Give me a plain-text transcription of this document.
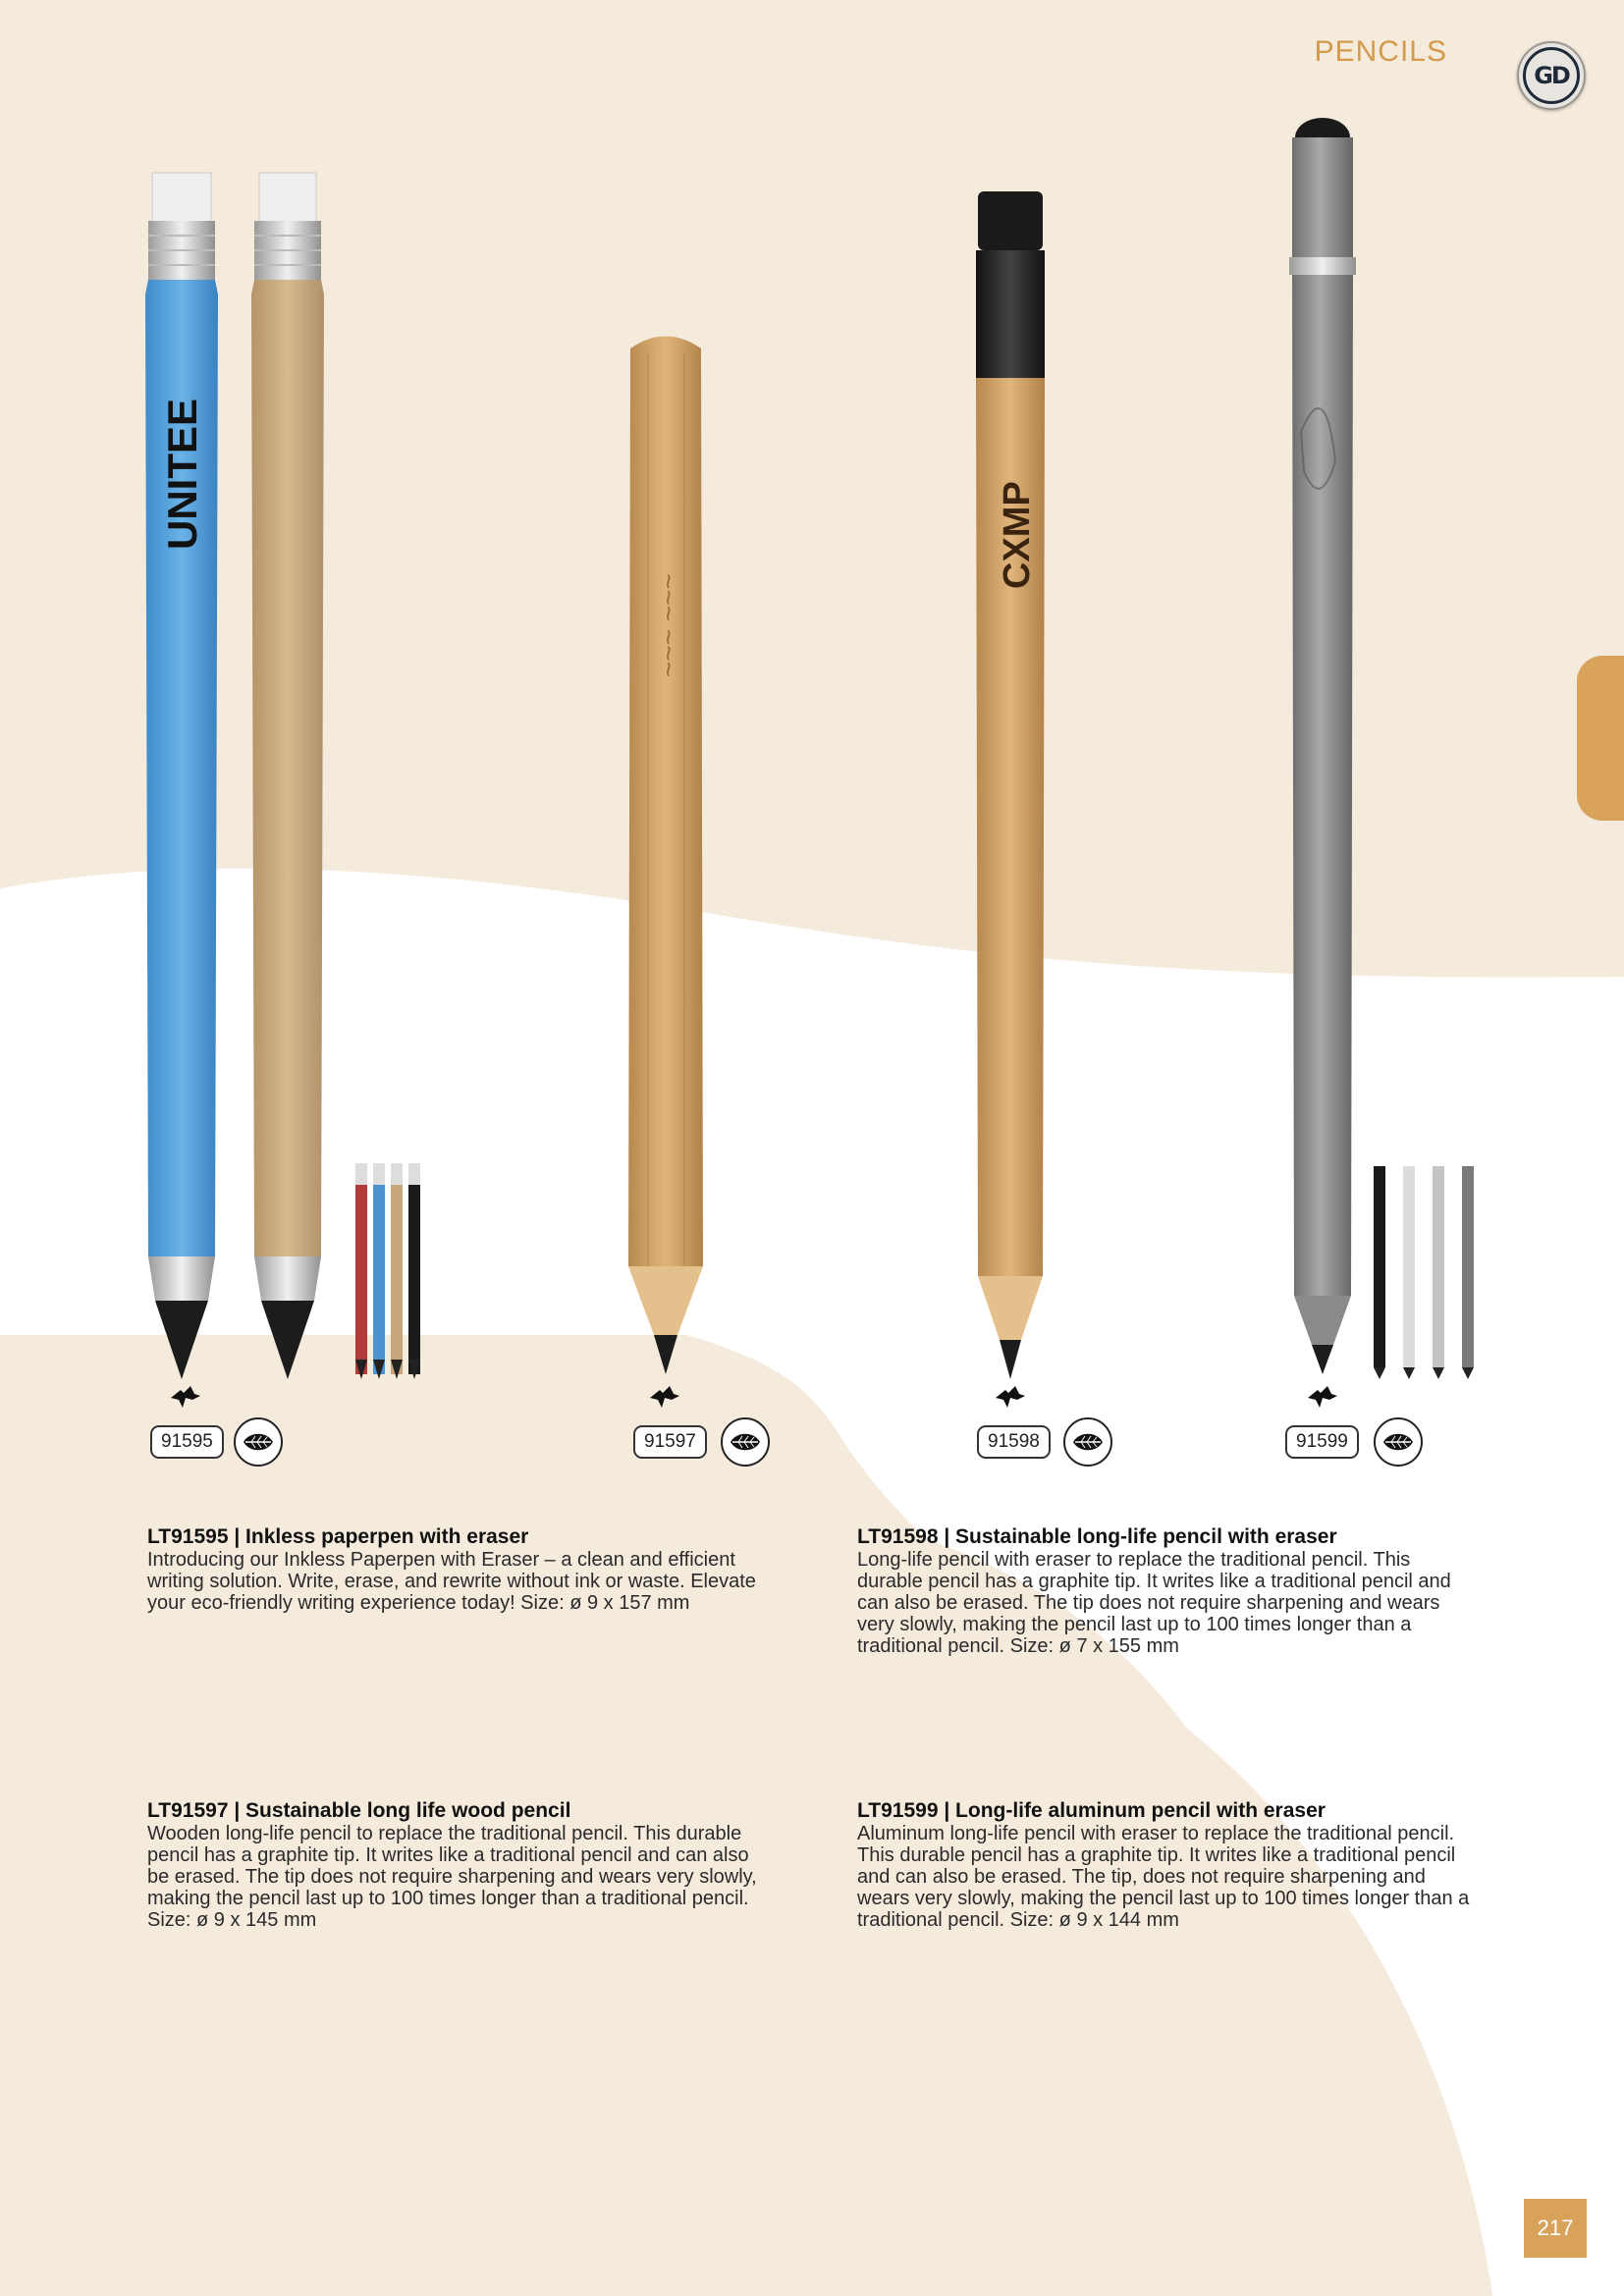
PENCILS
GD
UNITEE
~~~ ~~~
CXMP
91595	91597	91598	91599
LT91595 | Inkless paperpen with eraser

Introducing our Inkless Paperpen with Eraser – a clean and efficient writing solution. Write, erase, and rewrite without ink or waste. Elevate your eco-friendly writing experience today! Size: ø 9 x 157 mm

LT91598 | Sustainable long-life pencil with eraser

Long-life pencil with eraser to replace the traditional pencil. This durable pencil has a graphite tip. It writes like a traditional pencil and can also be erased. The tip does not require sharpening and wears very slowly, making the pencil last up to 100 times longer than a traditional pencil. Size: ø 7 x 155 mm

LT91597 | Sustainable long life wood pencil

Wooden long-life pencil to replace the traditional pencil. This durable pencil has a graphite tip. It writes like a traditional pencil and can also be erased. The tip does not require sharpening and wears very slowly, making the pencil last up to 100 times longer than a traditional pencil. Size: ø 9 x 145 mm

LT91599 | Long-life aluminum pencil with eraser

Aluminum long-life pencil with eraser to replace the traditional pencil. This durable pencil has a graphite tip. It writes like a traditional pencil and can also be erased. The tip, does not require sharpening and wears very slowly, making the pencil last up to 100 times longer than a traditional pencil. Size: ø 9 x 144 mm

217
